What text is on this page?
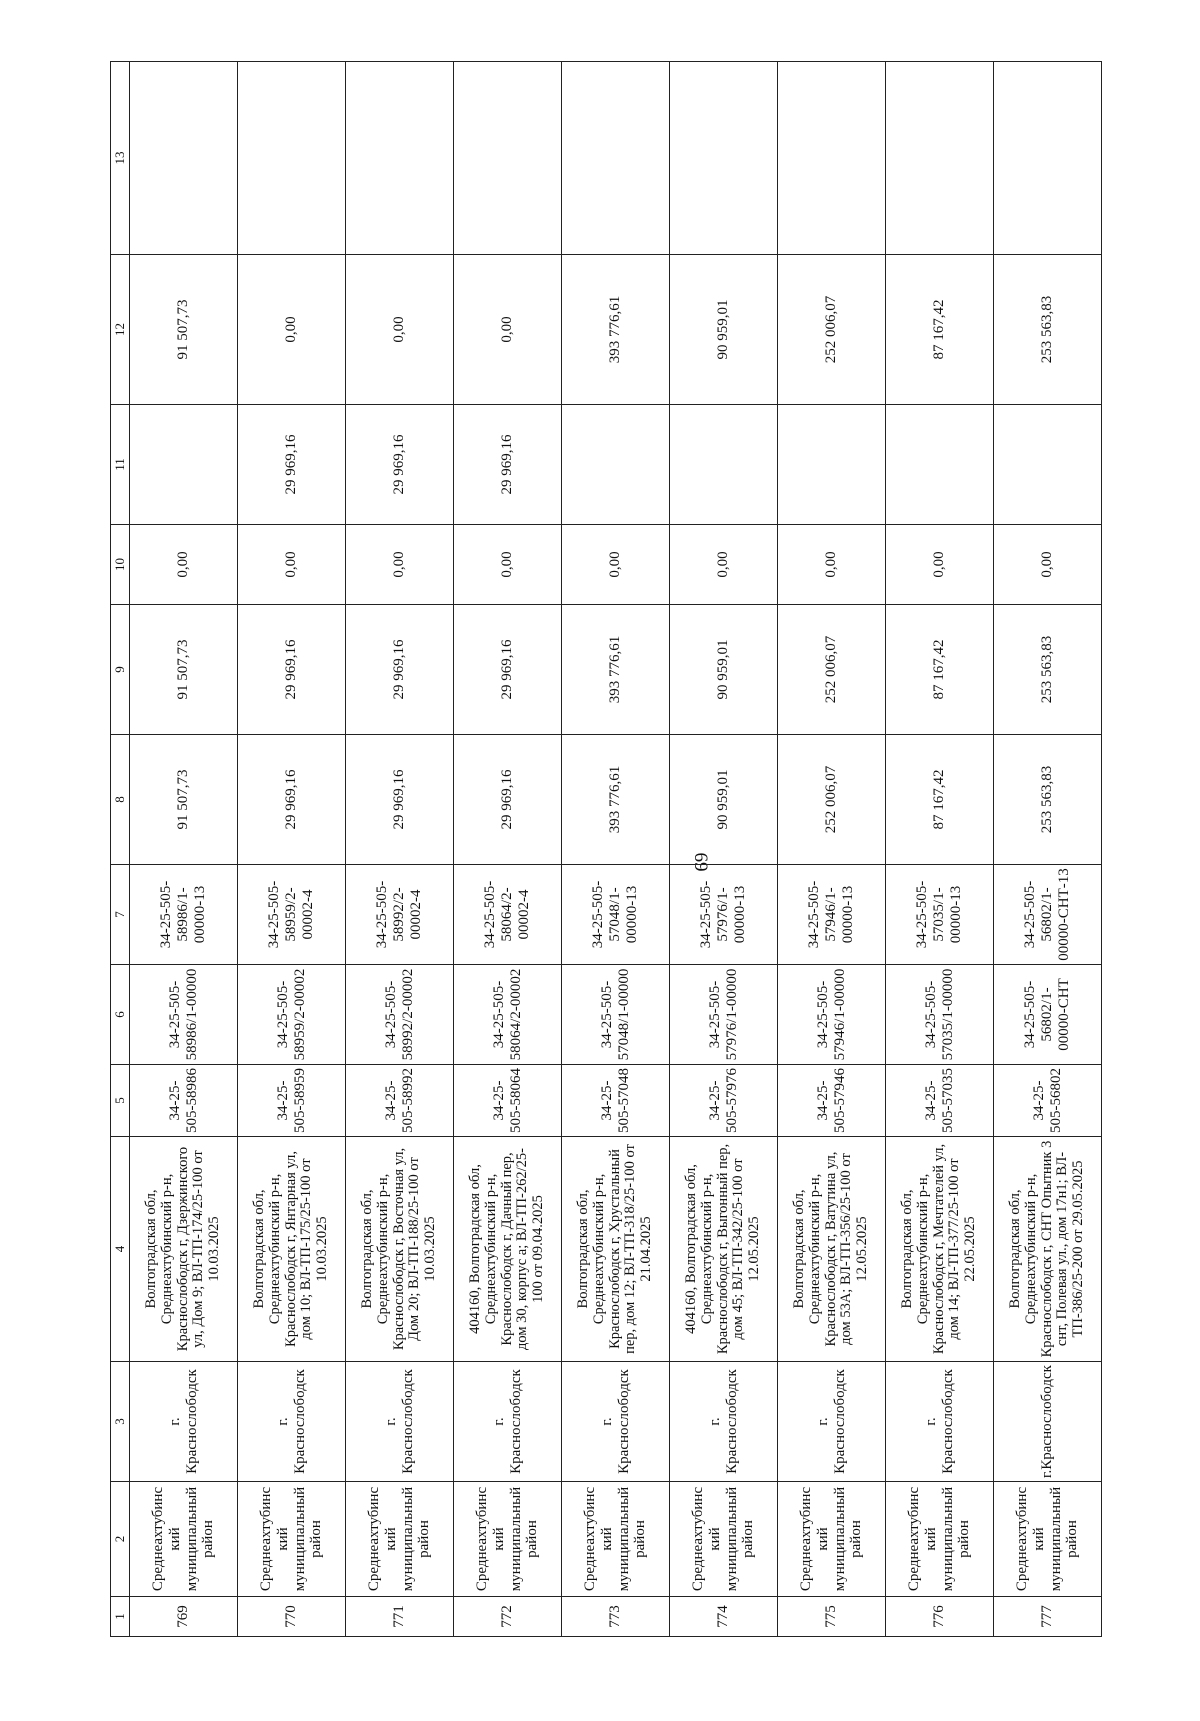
69
1	2	3	4	5	6	7	8	9	10	11	12	13
769	Среднеахтубинский муниципальный район	г. Краснослободск	Волгоградская обл, Среднеахтубинский р-н, Краснослободск г, Дзержинского ул, Дом 9; ВЛ-ТП-174/25-100 от 10.03.2025	34-25-505-58986	34-25-505-58986/1-00000	34-25-505-58986/1-00000-13	91 507,73	91 507,73	0,00		91 507,73	
770	Среднеахтубинский муниципальный район	г. Краснослободск	Волгоградская обл, Среднеахтубинский р-н, Краснослободск г, Янтарная ул, дом 10; ВЛ-ТП-175/25-100 от 10.03.2025	34-25-505-58959	34-25-505-58959/2-00002	34-25-505-58959/2-00002-4	29 969,16	29 969,16	0,00	29 969,16	0,00	
771	Среднеахтубинский муниципальный район	г. Краснослободск	Волгоградская обл, Среднеахтубинский р-н, Краснослободск г, Восточная ул, Дом 20; ВЛ-ТП-188/25-100 от 10.03.2025	34-25-505-58992	34-25-505-58992/2-00002	34-25-505-58992/2-00002-4	29 969,16	29 969,16	0,00	29 969,16	0,00	
772	Среднеахтубинский муниципальный район	г. Краснослободск	404160, Волгоградская обл, Среднеахтубинский р-н, Краснослободск г, Дачный пер, дом 30, корпус а; ВЛ-ТП-262/25-100 от 09.04.2025	34-25-505-58064	34-25-505-58064/2-00002	34-25-505-58064/2-00002-4	29 969,16	29 969,16	0,00	29 969,16	0,00	
773	Среднеахтубинский муниципальный район	г. Краснослободск	Волгоградская обл, Среднеахтубинский р-н, Краснослободск г, Хрустальный пер, дом 12; ВЛ-ТП-318/25-100 от 21.04.2025	34-25-505-57048	34-25-505-57048/1-00000	34-25-505-57048/1-00000-13	393 776,61	393 776,61	0,00		393 776,61	
774	Среднеахтубинский муниципальный район	г. Краснослободск	404160, Волгоградская обл, Среднеахтубинский р-н, Краснослободск г, Выгонный пер, дом 45; ВЛ-ТП-342/25-100 от 12.05.2025	34-25-505-57976	34-25-505-57976/1-00000	34-25-505-57976/1-00000-13	90 959,01	90 959,01	0,00		90 959,01	
775	Среднеахтубинский муниципальный район	г. Краснослободск	Волгоградская обл, Среднеахтубинский р-н, Краснослободск г, Ватутина ул, дом 53А; ВЛ-ТП-356/25-100 от 12.05.2025	34-25-505-57946	34-25-505-57946/1-00000	34-25-505-57946/1-00000-13	252 006,07	252 006,07	0,00		252 006,07	
776	Среднеахтубинский муниципальный район	г. Краснослободск	Волгоградская обл, Среднеахтубинский р-н, Краснослободск г, Мечтателей ул, дом 14; ВЛ-ТП-377/25-100 от 22.05.2025	34-25-505-57035	34-25-505-57035/1-00000	34-25-505-57035/1-00000-13	87 167,42	87 167,42	0,00		87 167,42	
777	Среднеахтубинский муниципальный район	г.Краснослободск	Волгоградская обл, Среднеахтубинский р-н, Краснослободск г, СНТ Опытник 3 снт, Полевая ул., дом 17н1; ВЛ-ТП-386/25-200 от 29.05.2025	34-25-505-56802	34-25-505-56802/1-00000-СНТ	34-25-505-56802/1-00000-СНТ-13	253 563,83	253 563,83	0,00		253 563,83	
